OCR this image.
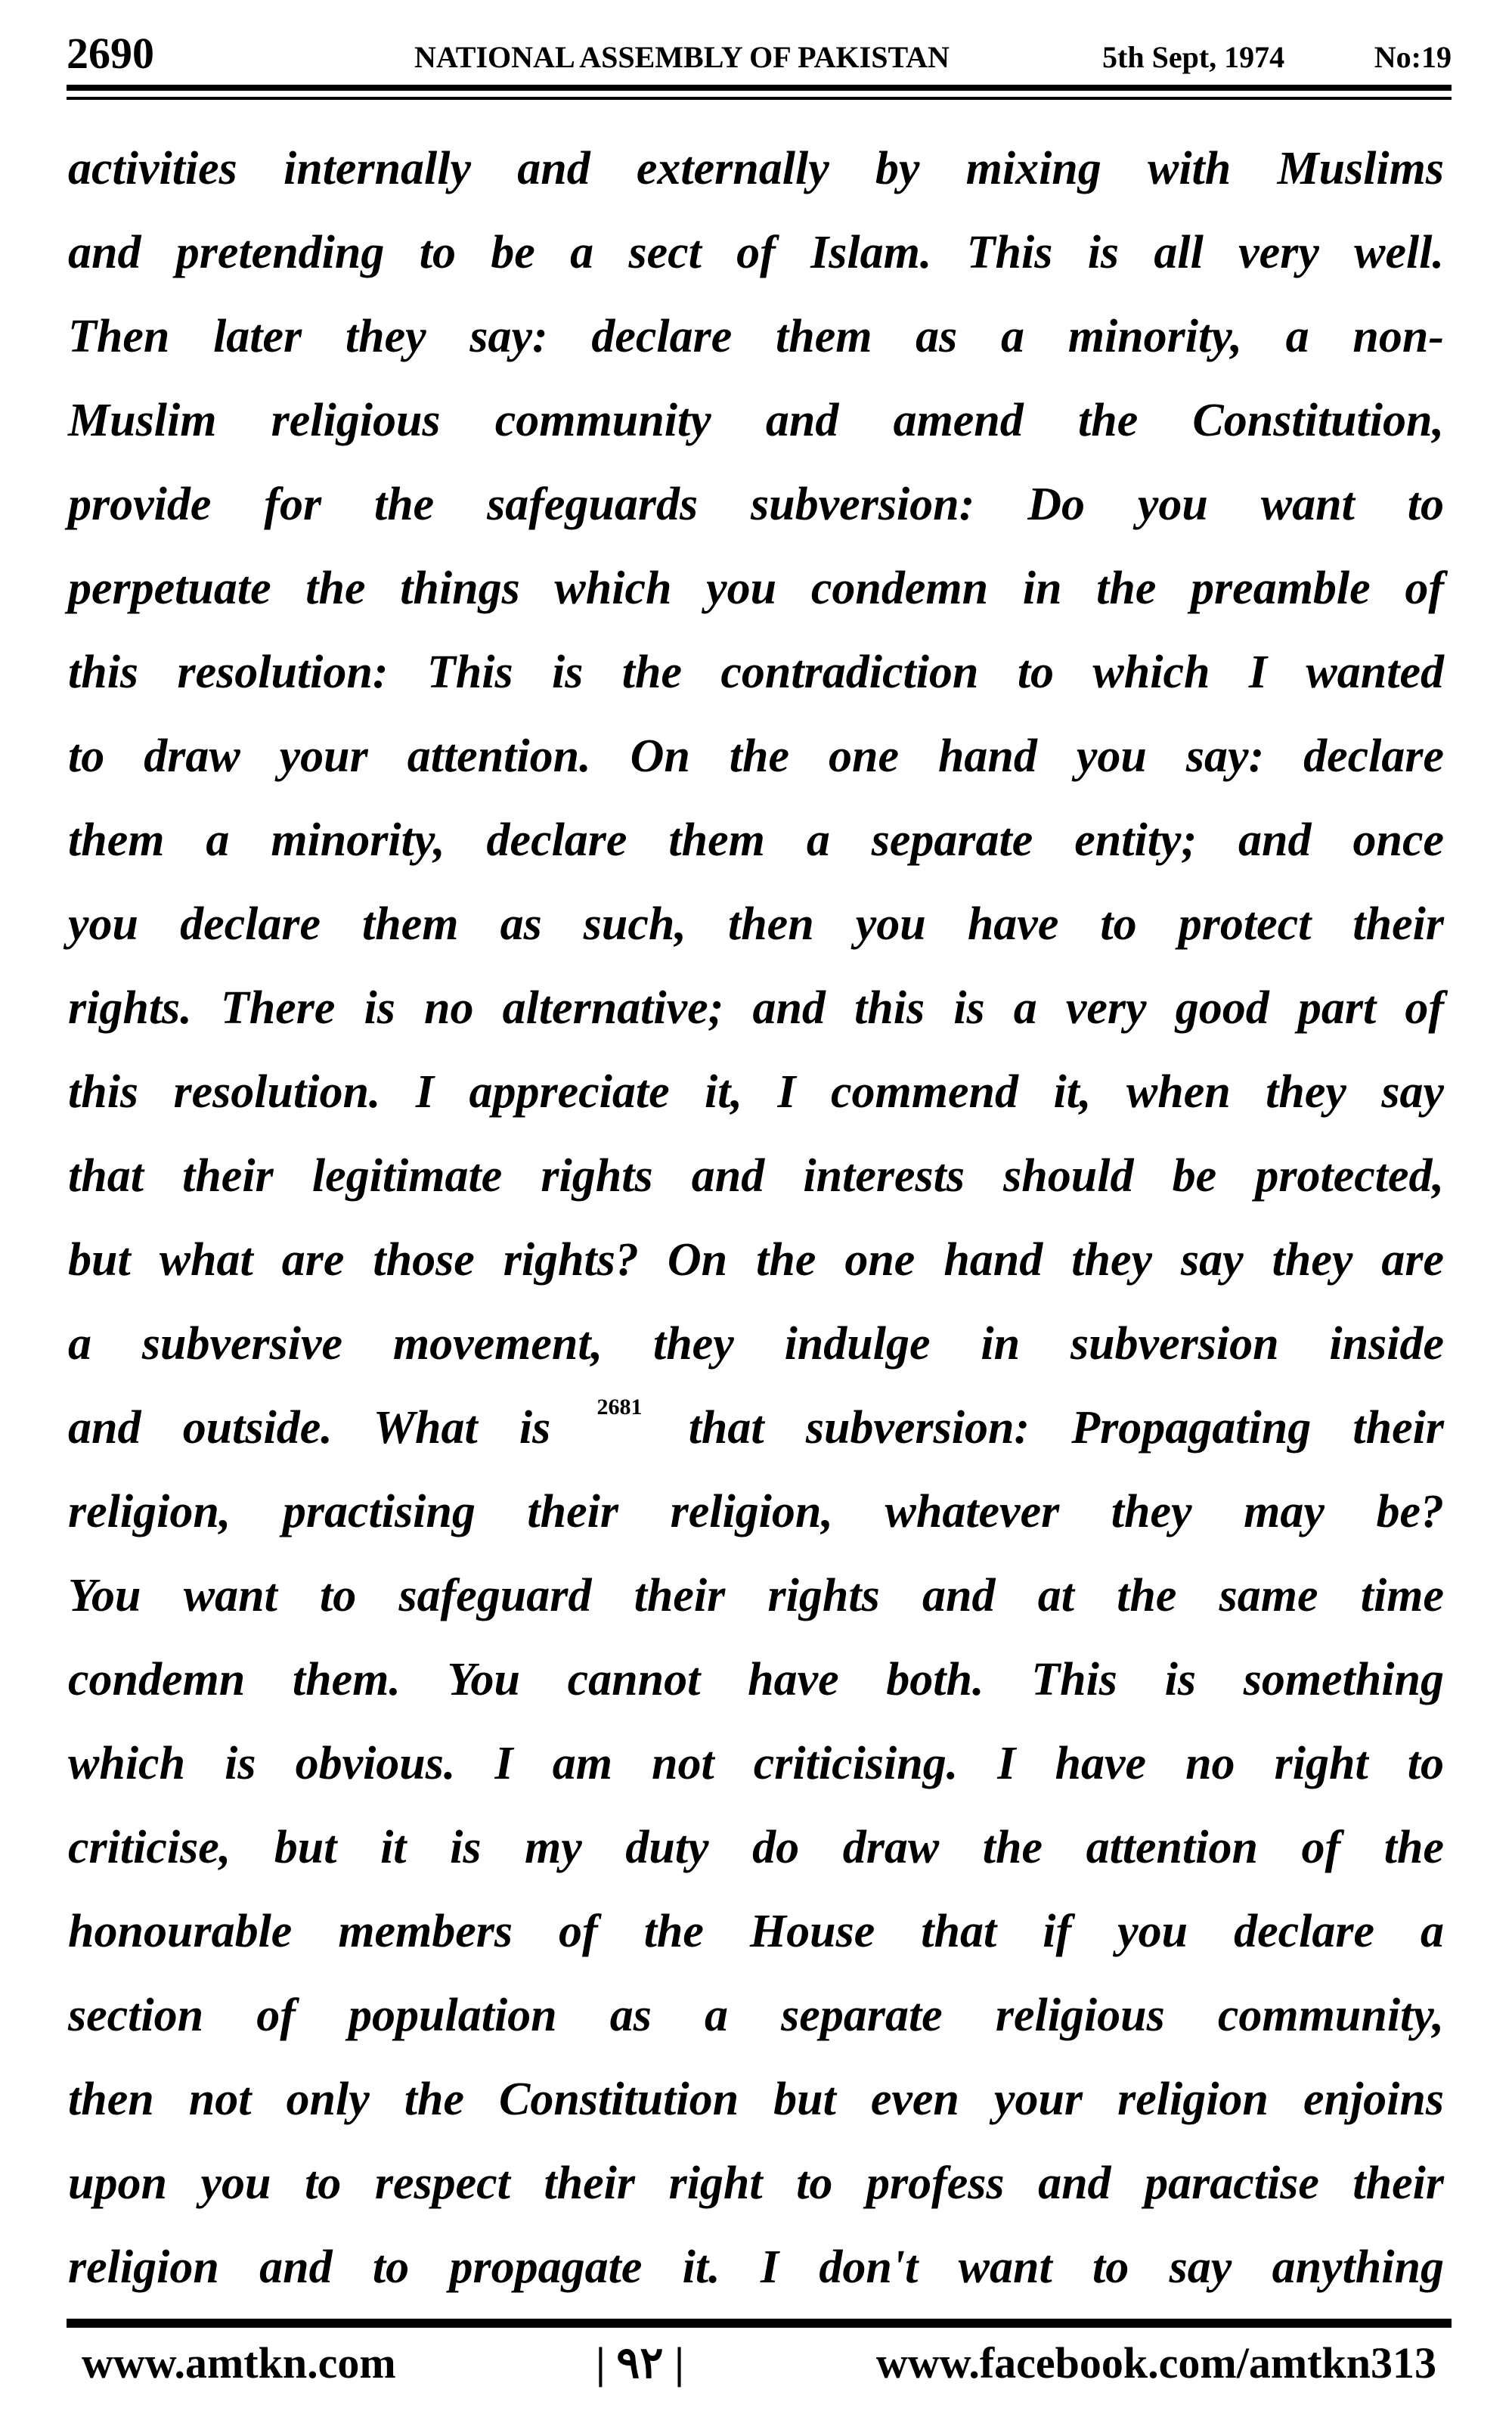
2690	NATIONAL ASSEMBLY OF PAKISTAN	5th Sept, 1974	No:19
activities internally and externally by mixing with Muslims
and pretending to be a sect of Islam. This is all very well.
Then later they say: declare them as a minority, a non-
Muslim religious community and amend the Constitution,
provide for the safeguards subversion: Do you want to
perpetuate the things which you condemn in the preamble of
this resolution: This is the contradiction to which I wanted
to draw your attention. On the one hand you say: declare
them a minority, declare them a separate entity; and once
you declare them as such, then you have to protect their
rights. There is no alternative; and this is a very good part of
this resolution. I appreciate it, I commend it, when they say
that their legitimate rights and interests should be protected,
but what are those rights? On the one hand they say they are
a subversive movement, they indulge in subversion inside
and outside. What is $^{2681}$ that subversion: Propagating their
religion, practising their religion, whatever they may be?
You want to safeguard their rights and at the same time
condemn them. You cannot have both. This is something
which is obvious. I am not criticising. I have no right to
criticise, but it is my duty do draw the attention of the
honourable members of the House that if you declare a
section of population as a separate religious community,
then not only the Constitution but even your religion enjoins
upon you to respect their right to profess and paractise their
religion and to propagate it. I don't want to say anything
www.amtkn.com	| ۹۲ |	www.facebook.com/amtkn313
